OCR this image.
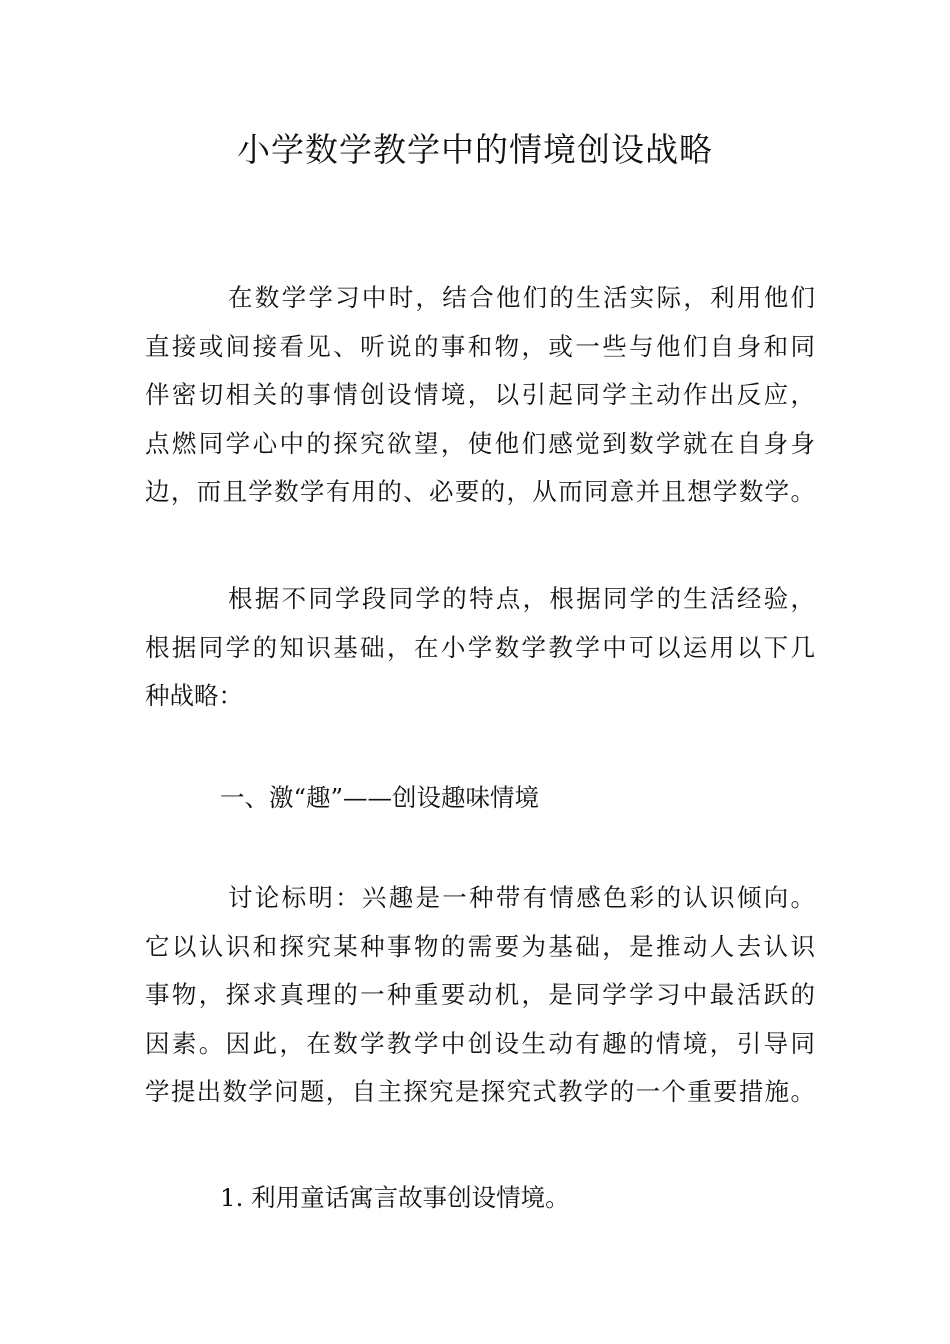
小学数学教学中的情境创设战略
在数学学习中时，结合他们的生活实际，利用他们
直接或间接看见、听说的事和物，或一些与他们自身和同
伴密切相关的事情创设情境，以引起同学主动作出反应，
点燃同学心中的探究欲望，使他们感觉到数学就在自身身
边，而且学数学有用的、必要的，从而同意并且想学数学。
根据不同学段同学的特点，根据同学的生活经验，
根据同学的知识基础，在小学数学教学中可以运用以下几
种战略：

一、激“趣”——创设趣味情境

讨论标明：兴趣是一种带有情感色彩的认识倾向。
它以认识和探究某种事物的需要为基础，是推动人去认识
事物，探求真理的一种重要动机，是同学学习中最活跃的
因素。因此，在数学教学中创设生动有趣的情境，引导同
学提出数学问题，自主探究是探究式教学的一个重要措施。

1. 利用童话寓言故事创设情境。
